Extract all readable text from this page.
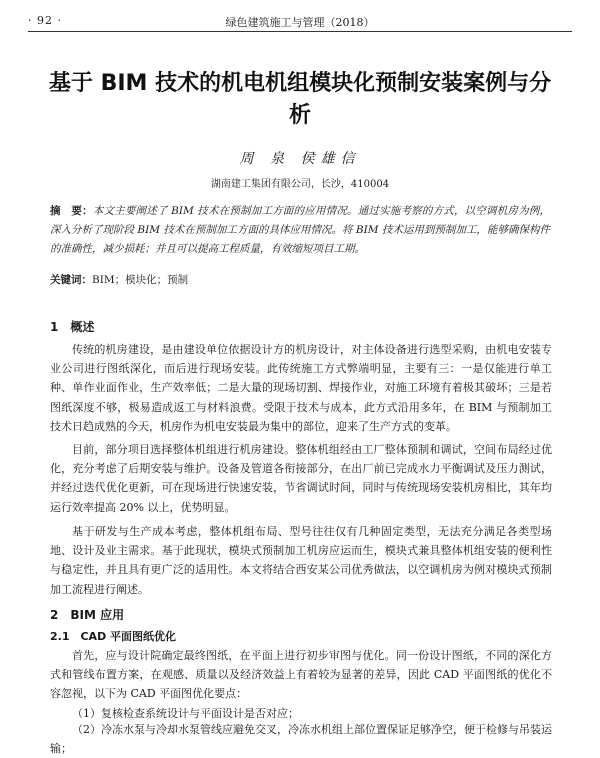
· 92 ·	绿色建筑施工与管理（2018）
基于 BIM 技术的机电机组模块化预制安装案例与分析
周 泉 侯雄信
湖南建工集团有限公司，长沙，410004
摘　要：本文主要阐述了 BIM 技术在预制加工方面的应用情况。通过实施考察的方式，以空调机房为例，深入分析了现阶段 BIM 技术在预制加工方面的具体应用情况。将 BIM 技术运用到预制加工，能够确保构件的准确性，减少损耗；并且可以提高工程质量，有效缩短项目工期。
关键词：BIM；模块化；预制
1　概述
传统的机房建设，是由建设单位依据设计方的机房设计，对主体设备进行选型采购，由机电安装专业公司进行图纸深化，而后进行现场安装。此传统施工方式弊端明显，主要有三：一是仅能进行单工种、单作业面作业，生产效率低；二是大量的现场切割、焊接作业，对施工环境有着极其破坏；三是若图纸深度不够，极易造成返工与材料浪费。受限于技术与成本，此方式沿用多年，在 BIM 与预制加工技术日趋成熟的今天，机房作为机电安装最为集中的部位，迎来了生产方式的变革。
目前，部分项目选择整体机组进行机房建设。整体机组经由工厂整体预制和调试，空间布局经过优化，充分考虑了后期安装与维护。设备及管道各衔接部分，在出厂前已完成水力平衡调试及压力测试，并经过迭代优化更新，可在现场进行快速安装，节省调试时间，同时与传统现场安装机房相比，其年均运行效率提高 20% 以上，优势明显。
基于研发与生产成本考虑，整体机组布局、型号往往仅有几种固定类型，无法充分满足各类型场地、设计及业主需求。基于此现状，模块式预制加工机房应运而生，模块式兼具整体机组安装的便利性与稳定性，并且具有更广泛的适用性。本文将结合西安某公司优秀做法，以空调机房为例对模块式预制加工流程进行阐述。
2　BIM 应用
2.1　CAD 平面图纸优化
首先，应与设计院确定最终图纸，在平面上进行初步审图与优化。同一份设计图纸，不同的深化方式和管线布置方案，在观感、质量以及经济效益上有着较为显著的差异，因此 CAD 平面图纸的优化不容忽视，以下为 CAD 平面图优化要点：
（1）复核检查系统设计与平面设计是否对应；
（2）冷冻水泵与冷却水泵管线应避免交叉，冷冻水机组上部位置保证足够净空，便于检修与吊装运输；
